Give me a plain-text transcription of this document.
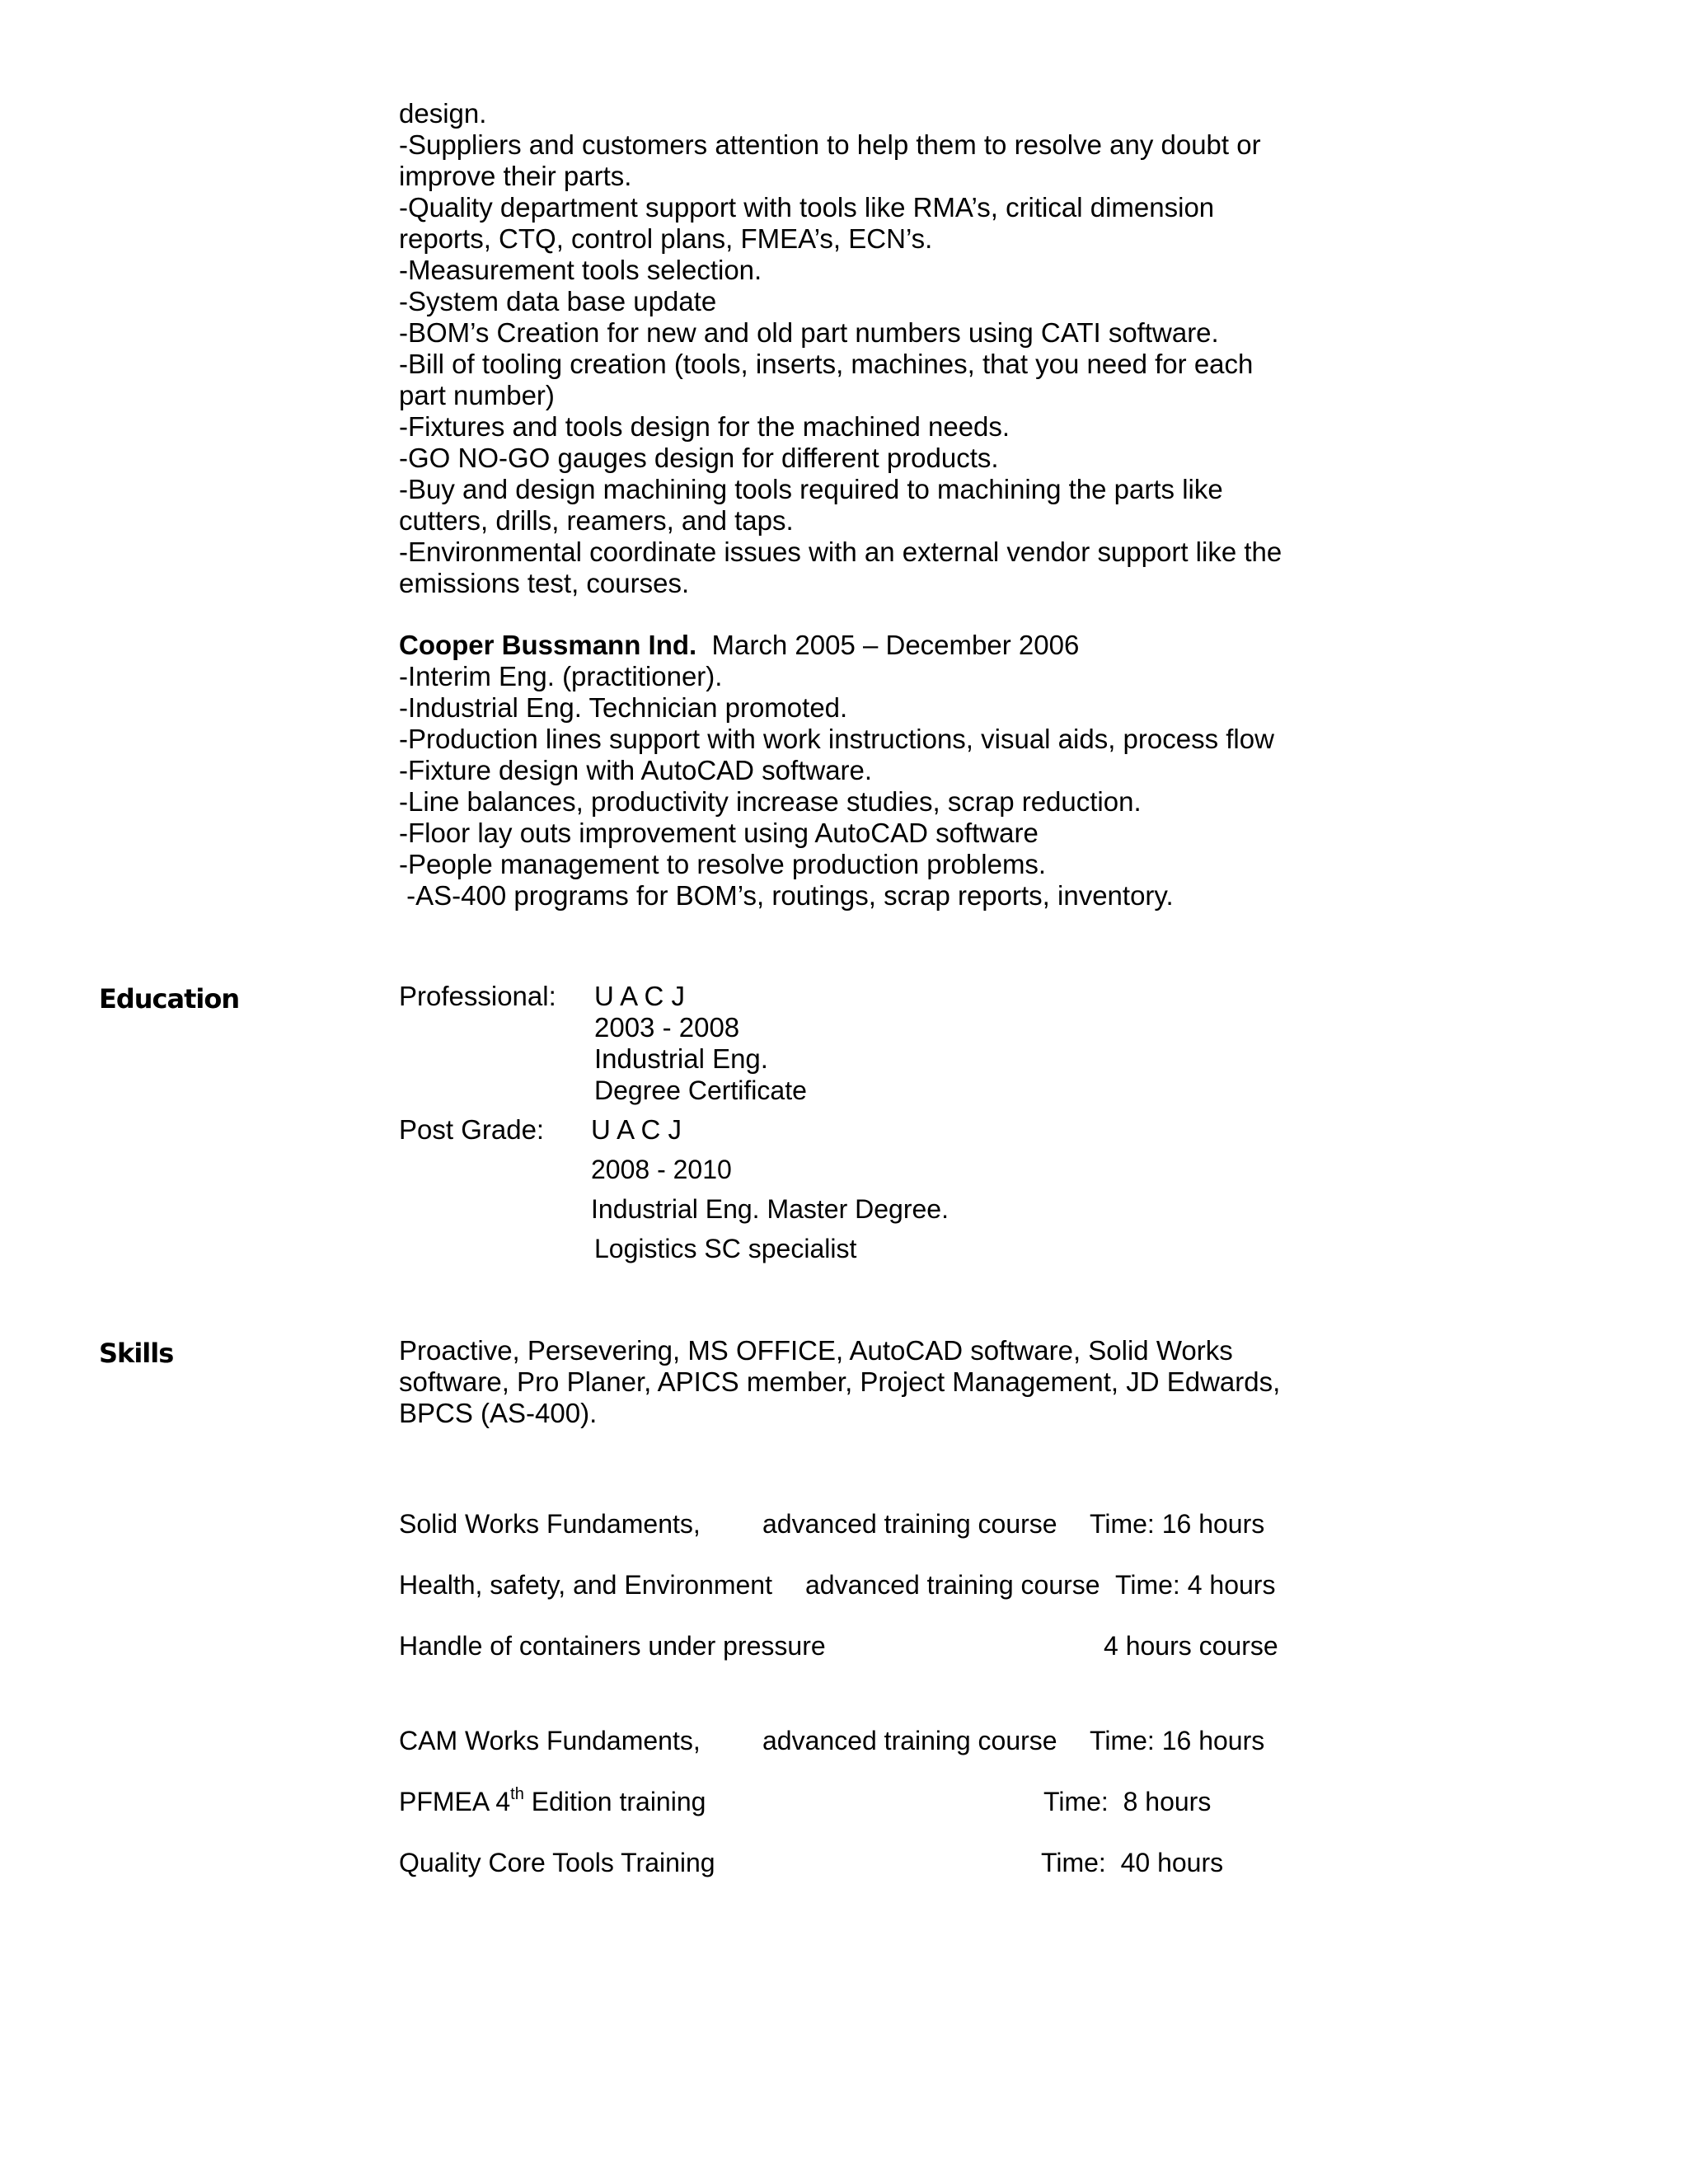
design.
-Suppliers and customers attention to help them to resolve any doubt or
improve their parts.
-Quality department support with tools like RMA’s, critical dimension
reports, CTQ, control plans, FMEA’s, ECN’s.
-Measurement tools selection.
-System data base update
-BOM’s Creation for new and old part numbers using CATI software.
-Bill of tooling creation (tools, inserts, machines, that you need for each
part number)
-Fixtures and tools design for the machined needs.
-GO NO-GO gauges design for different products.
-Buy and design machining tools required to machining the parts like
cutters, drills, reamers, and taps.
-Environmental coordinate issues with an external vendor support like the
emissions test, courses.
Cooper Bussmann Ind. March 2005 – December 2006
-Interim Eng. (practitioner).
-Industrial Eng. Technician promoted.
-Production lines support with work instructions, visual aids, process flow
-Fixture design with AutoCAD software.
-Line balances, productivity increase studies, scrap reduction.
-Floor lay outs improvement using AutoCAD software
-People management to resolve production problems.
-AS-400 programs for BOM’s, routings, scrap reports, inventory.
Education	Professional: U A C J
2003 - 2008
Industrial Eng.
Degree Certificate
Post Grade: U A C J
2008 - 2010
Industrial Eng. Master Degree.
Logistics SC specialist
Skills	Proactive, Persevering, MS OFFICE, AutoCAD software, Solid Works
software, Pro Planer, APICS member, Project Management, JD Edwards,
BPCS (AS-400).
Solid Works Fundaments, advanced training course Time: 16 hours
Health, safety, and Environment advanced training course Time: 4 hours
Handle of containers under pressure	4 hours course
CAM Works Fundaments, advanced training course Time: 16 hours
PFMEA 4th Edition training	Time:  8 hours
Quality Core Tools Training	Time:  40 hours
